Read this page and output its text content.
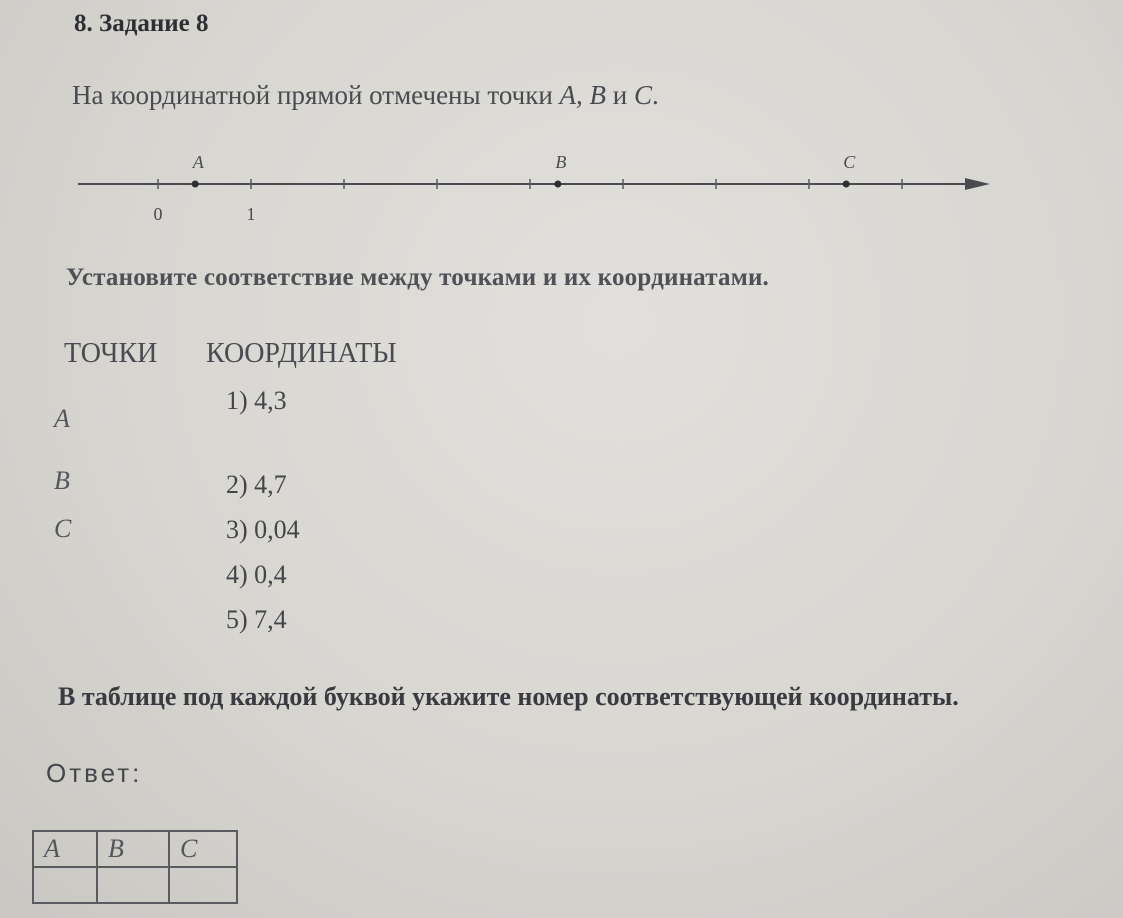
8. Задание 8
На координатной прямой отмечены точки A, B и C.
A	B	C
0	1
Установите соответствие между точками и их координатами.
ТОЧКИ КООРДИНАТЫ
A
B
C
1) 4,3
2) 4,7
3) 0,04
4) 0,4
5) 7,4
В таблице под каждой буквой укажите номер соответствующей координаты.
Ответ:
A	B	C
